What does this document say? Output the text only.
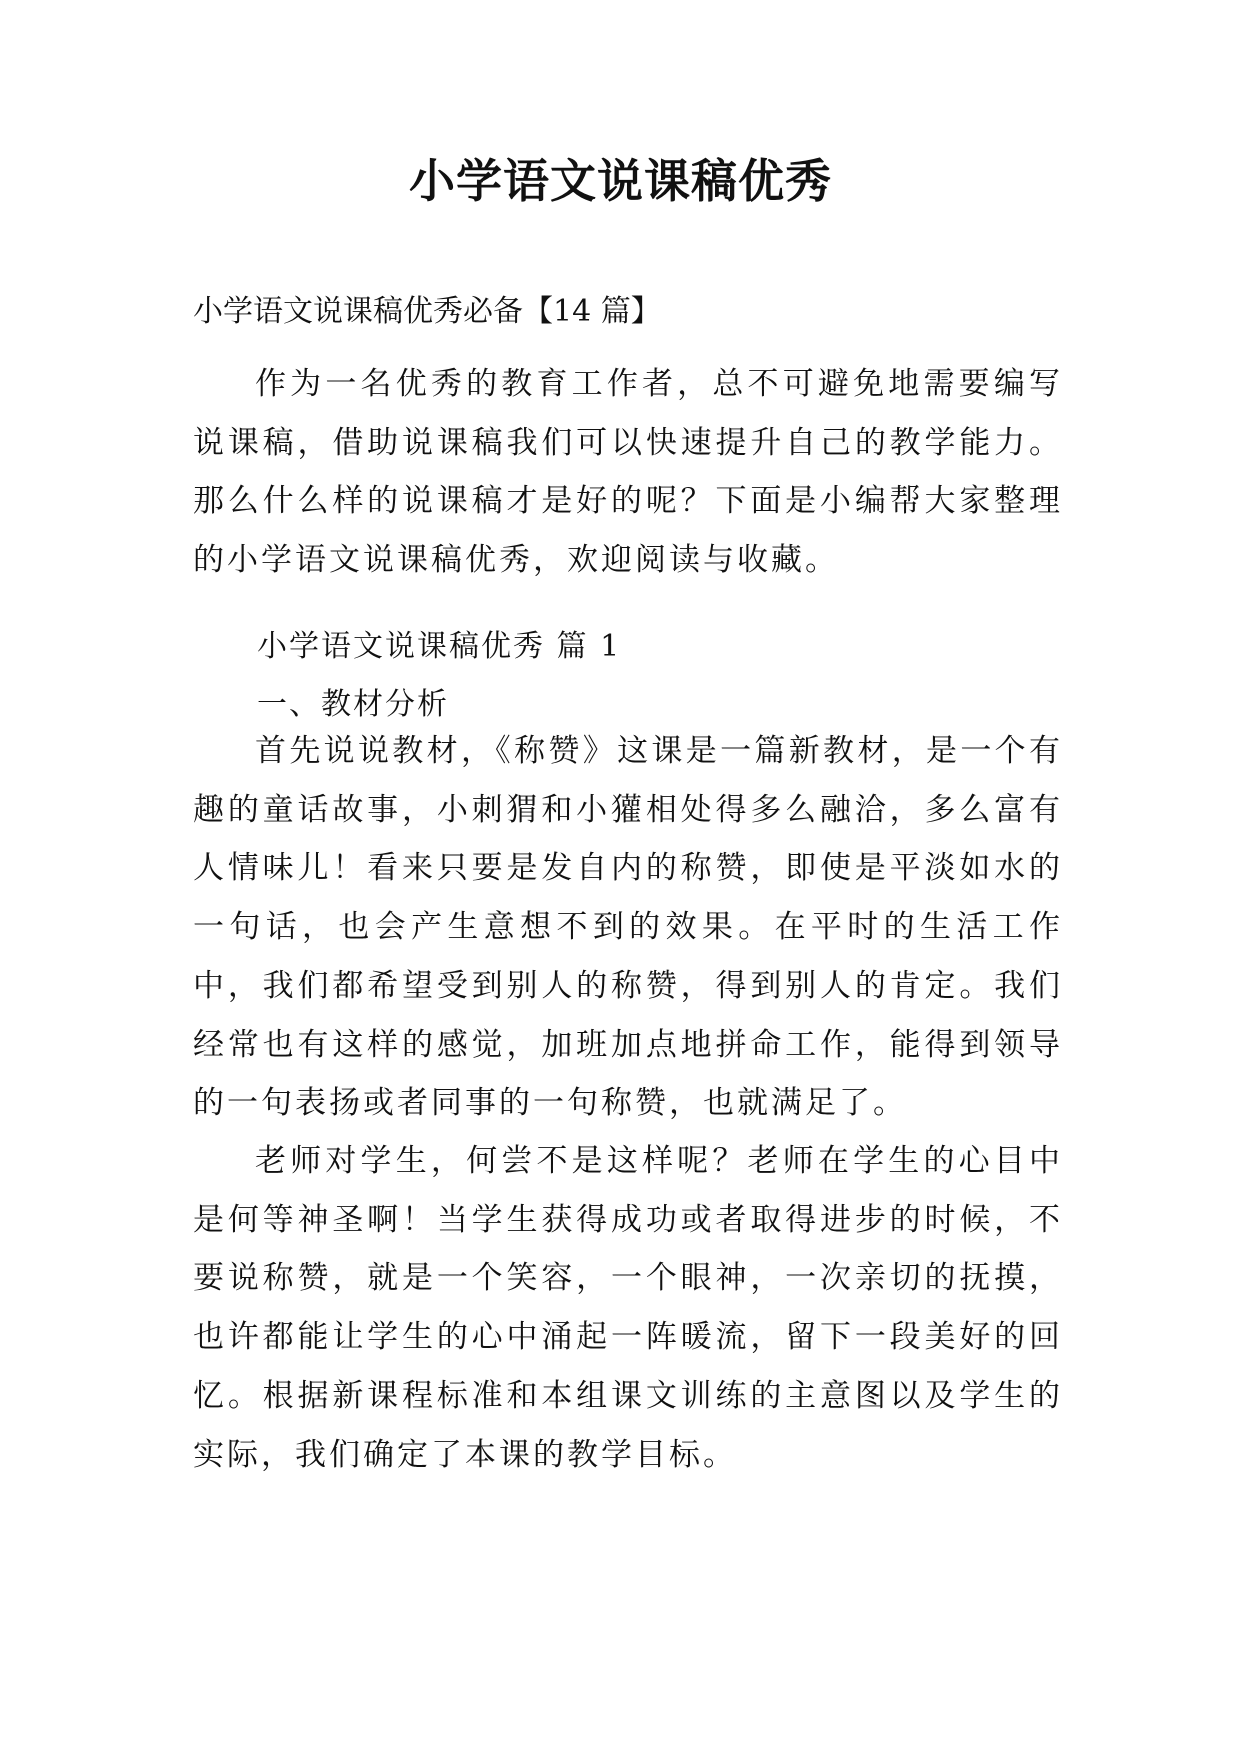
小学语文说课稿优秀

小学语文说课稿优秀必备【14 篇】

作为一名优秀的教育工作者，总不可避免地需要编写说课稿，借助说课稿我们可以快速提升自己的教学能力。那么什么样的说课稿才是好的呢？下面是小编帮大家整理的小学语文说课稿优秀，欢迎阅读与收藏。

小学语文说课稿优秀 篇 1

一、教材分析

首先说说教材，《称赞》这课是一篇新教材，是一个有趣的童话故事，小刺猬和小獾相处得多么融洽，多么富有人情味儿！看来只要是发自内的称赞，即使是平淡如水的一句话，也会产生意想不到的效果。在平时的生活工作中，我们都希望受到别人的称赞，得到别人的肯定。我们经常也有这样的感觉，加班加点地拼命工作，能得到领导的一句表扬或者同事的一句称赞，也就满足了。

老师对学生，何尝不是这样呢？老师在学生的心目中是何等神圣啊！当学生获得成功或者取得进步的时候，不要说称赞，就是一个笑容，一个眼神，一次亲切的抚摸，也许都能让学生的心中涌起一阵暖流，留下一段美好的回忆。根据新课程标准和本组课文训练的主意图以及学生的实际，我们确定了本课的教学目标。
